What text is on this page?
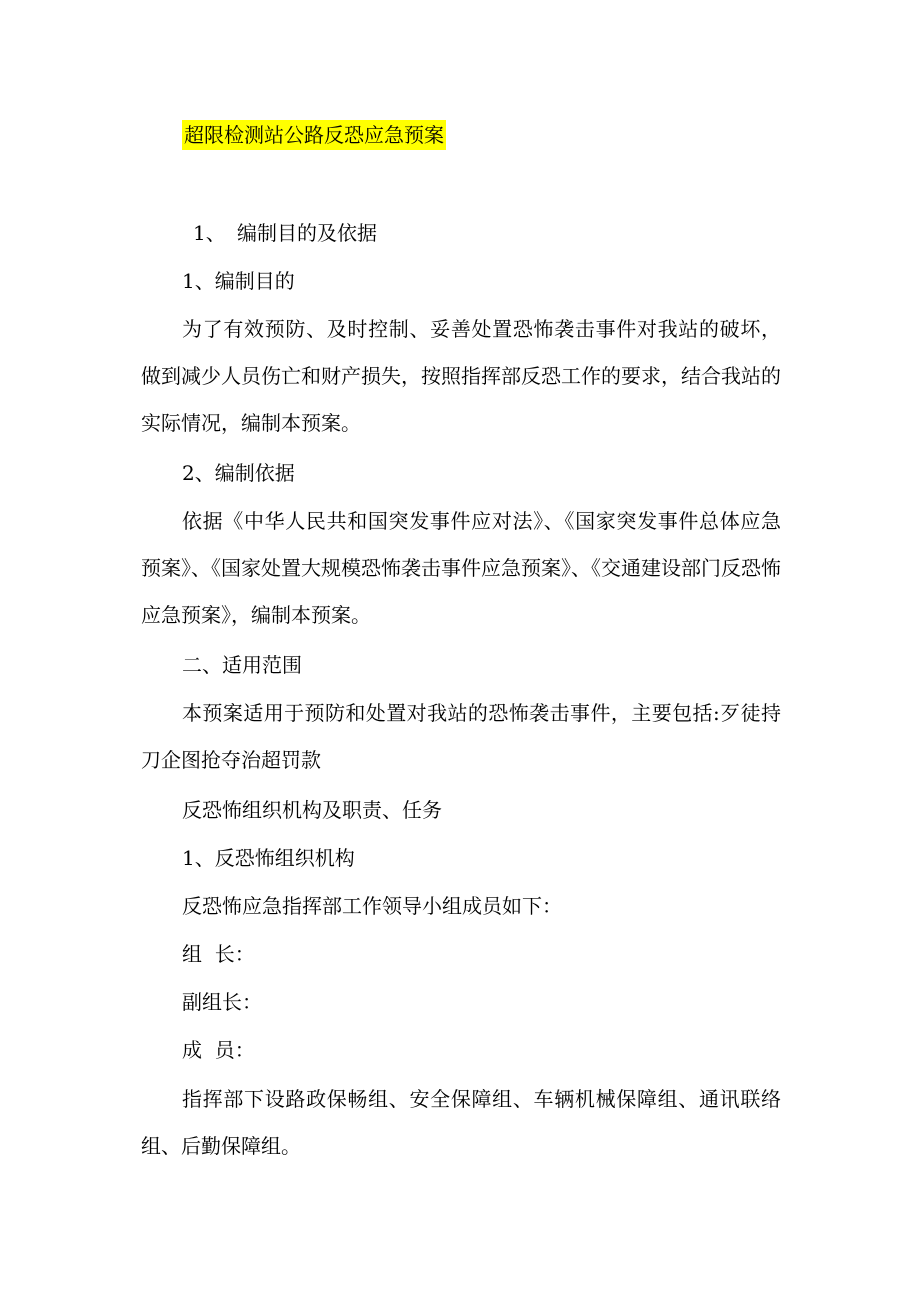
超限检测站公路反恐应急预案
1、 编制目的及依据
1、编制目的

为了有效预防、及时控制、妥善处置恐怖袭击事件对我站的破坏，做到减少人员伤亡和财产损失，按照指挥部反恐工作的要求，结合我站的实际情况，编制本预案。

2、编制依据

依据《中华人民共和国突发事件应对法》、《国家突发事件总体应急预案》、《国家处置大规模恐怖袭击事件应急预案》、《交通建设部门反恐怖应急预案》，编制本预案。

二、适用范围

本预案适用于预防和处置对我站的恐怖袭击事件，主要包括:歹徒持刀企图抢夺治超罚款

反恐怖组织机构及职责、任务
1、反恐怖组织机构
反恐怖应急指挥部工作领导小组成员如下：
组  长：
副组长：
成  员：

指挥部下设路政保畅组、安全保障组、车辆机械保障组、通讯联络组、后勤保障组。
